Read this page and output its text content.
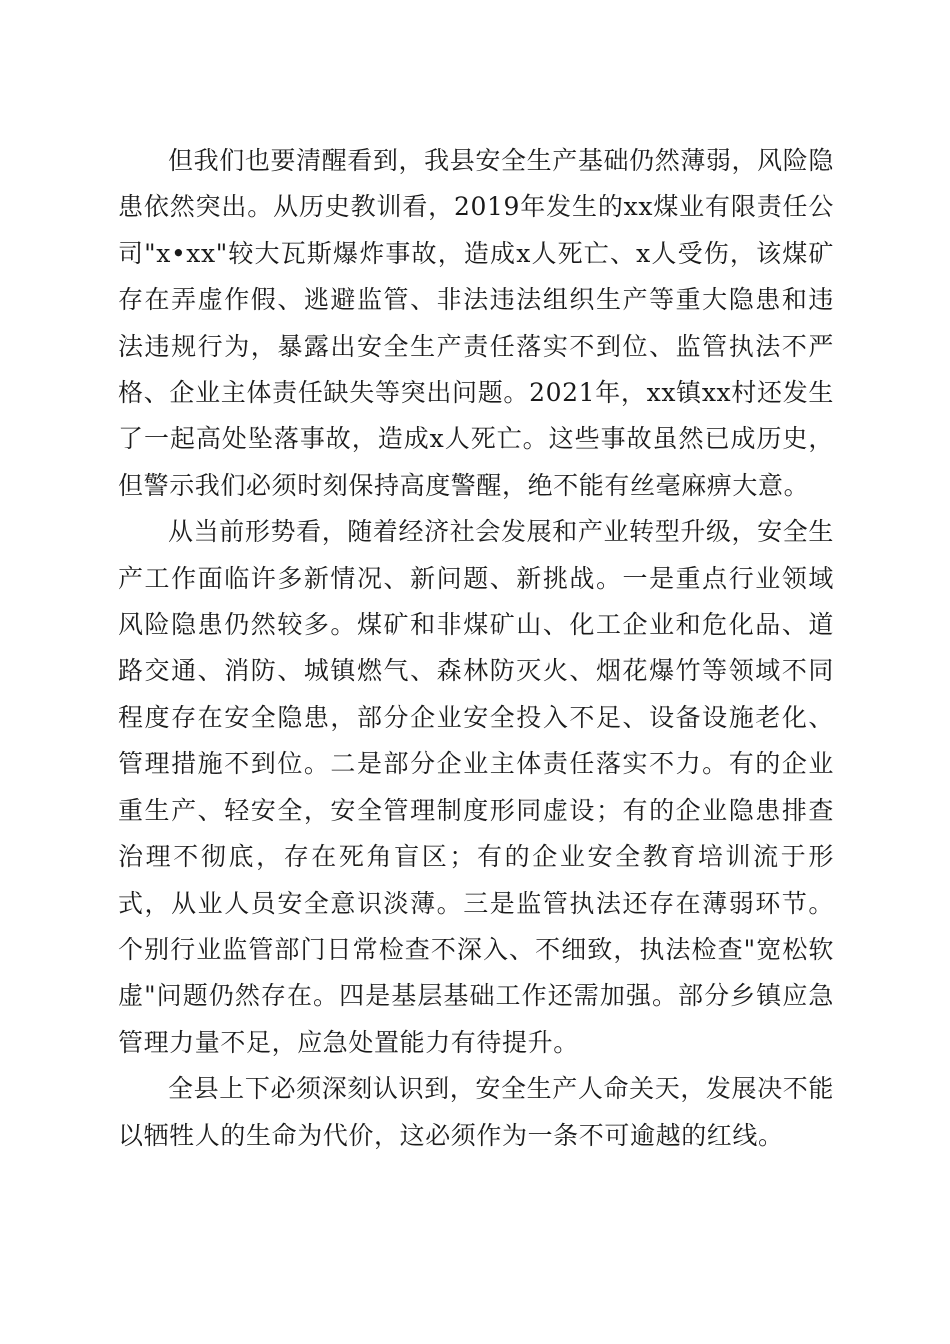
但我们也要清醒看到，我县安全生产基础仍然薄弱，风险隐患依然突出。从历史教训看，2019年发生的xx煤业有限责任公司"x•xx"较大瓦斯爆炸事故，造成x人死亡、x人受伤，该煤矿存在弄虚作假、逃避监管、非法违法组织生产等重大隐患和违法违规行为，暴露出安全生产责任落实不到位、监管执法不严格、企业主体责任缺失等突出问题。2021年，xx镇xx村还发生了一起高处坠落事故，造成x人死亡。这些事故虽然已成历史，但警示我们必须时刻保持高度警醒，绝不能有丝毫麻痹大意。

从当前形势看，随着经济社会发展和产业转型升级，安全生产工作面临许多新情况、新问题、新挑战。一是重点行业领域风险隐患仍然较多。煤矿和非煤矿山、化工企业和危化品、道路交通、消防、城镇燃气、森林防灭火、烟花爆竹等领域不同程度存在安全隐患，部分企业安全投入不足、设备设施老化、管理措施不到位。二是部分企业主体责任落实不力。有的企业重生产、轻安全，安全管理制度形同虚设；有的企业隐患排查治理不彻底，存在死角盲区；有的企业安全教育培训流于形式，从业人员安全意识淡薄。三是监管执法还存在薄弱环节。个别行业监管部门日常检查不深入、不细致，执法检查"宽松软虚"问题仍然存在。四是基层基础工作还需加强。部分乡镇应急管理力量不足，应急处置能力有待提升。

全县上下必须深刻认识到，安全生产人命关天，发展决不能以牺牲人的生命为代价，这必须作为一条不可逾越的红线。
